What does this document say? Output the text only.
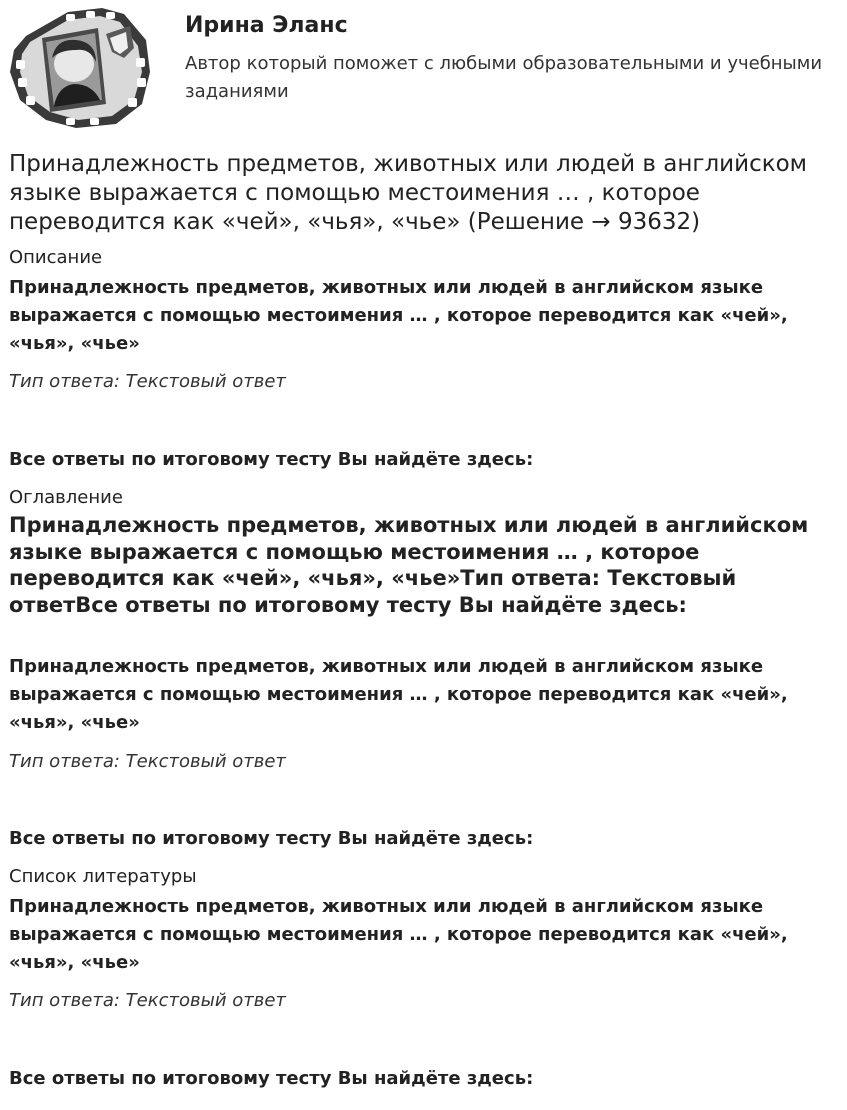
Ирина Эланс
Автор который поможет с любыми образовательными и учебными заданиями
Принадлежность предметов, животных или людей в английском языке выражается с помощью местоимения … , которое переводится как «чей», «чья», «чье» (Решение → 93632)
Описание

Принадлежность предметов, животных или людей в английском языке выражается с помощью местоимения … , которое переводится как «чей», «чья», «чье»

Тип ответа: Текстовый ответ
Все ответы по итоговому тесту Вы найдёте здесь:
Оглавление
Принадлежность предметов, животных или людей в английском языке выражается с помощью местоимения … , которое переводится как «чей», «чья», «чье»Тип ответа: Текстовый ответВсе ответы по итоговому тесту Вы найдёте здесь:

Принадлежность предметов, животных или людей в английском языке выражается с помощью местоимения … , которое переводится как «чей», «чья», «чье»

Тип ответа: Текстовый ответ
Все ответы по итоговому тесту Вы найдёте здесь:
Список литературы

Принадлежность предметов, животных или людей в английском языке выражается с помощью местоимения … , которое переводится как «чей», «чья», «чье»

Тип ответа: Текстовый ответ
Все ответы по итоговому тесту Вы найдёте здесь:
